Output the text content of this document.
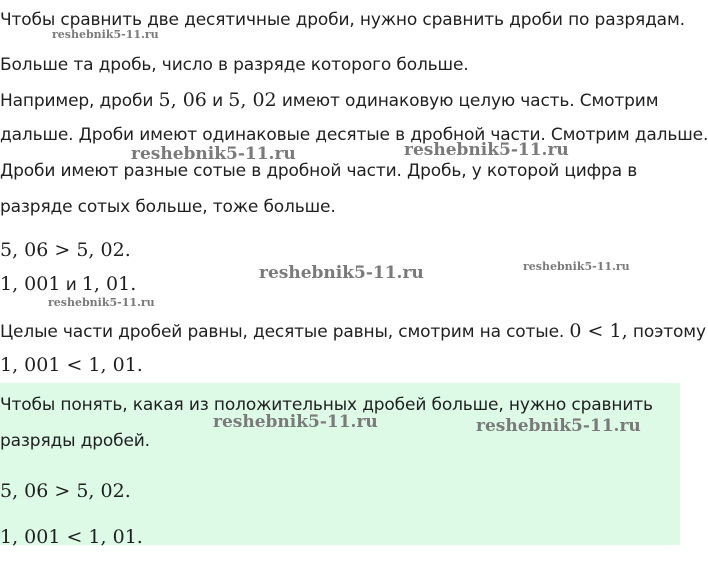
Чтобы сравнить две десятичные дроби, нужно сравнить дроби по разрядам.
Больше та дробь, число в разряде которого больше.
Например, дроби 5, 06 и 5, 02 имеют одинаковую целую часть. Смотрим
дальше. Дроби имеют одинаковые десятые в дробной части. Смотрим дальше.
Дроби имеют разные сотые в дробной части. Дробь, у которой цифра в
разряде сотых больше, тоже больше.
5, 06 > 5, 02.
1, 001 и 1, 01.
Целые части дробей равны, десятые равны, смотрим на сотые. 0 < 1, поэтому
1, 001 < 1, 01.
Чтобы понять, какая из положительных дробей больше, нужно сравнить
разряды дробей.
5, 06 > 5, 02.
1, 001 < 1, 01.
reshebnik5-11.ru
reshebnik5-11.ru	reshebnik5-11.ru
reshebnik5-11.ru	reshebnik5-11.ru
reshebnik5-11.ru
reshebnik5-11.ru	reshebnik5-11.ru
